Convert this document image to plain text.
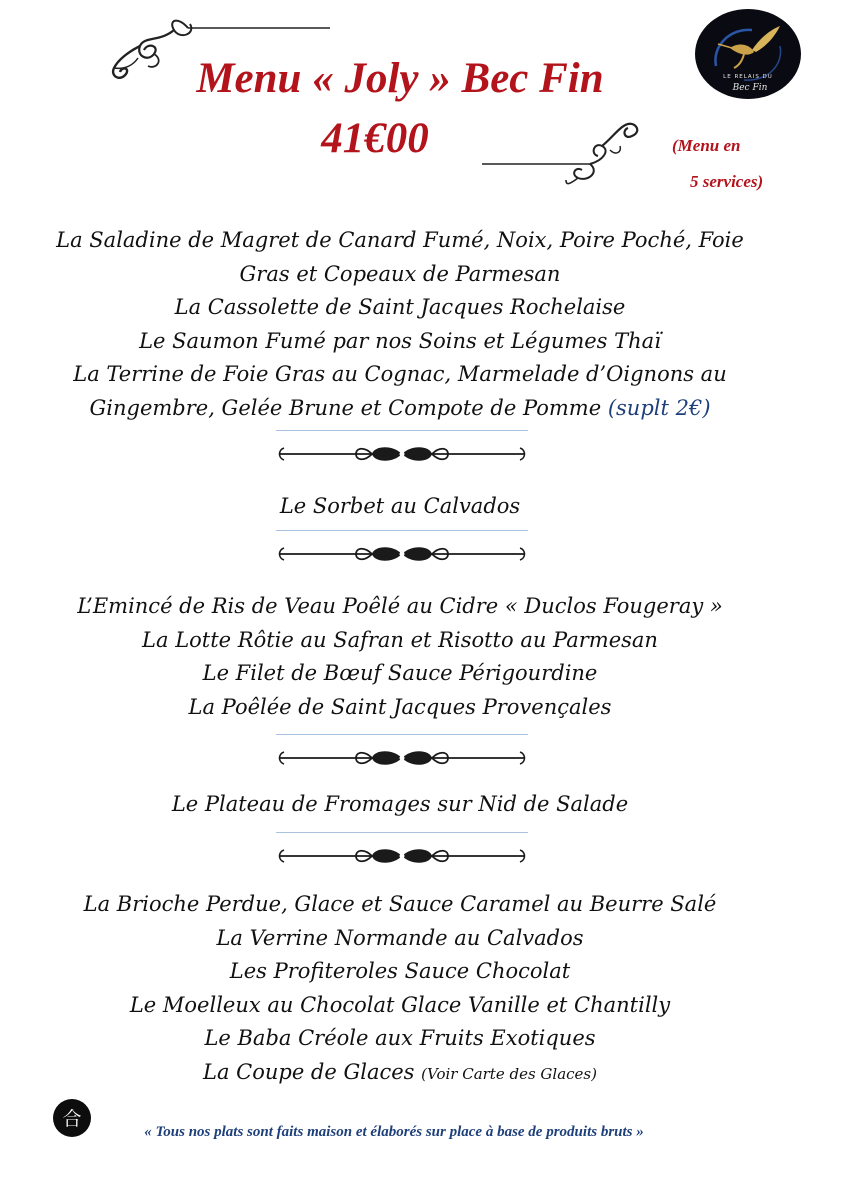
Menu « Joly » Bec Fin
41€00	(Menu en
5 services)
LE RELAIS DU
Bec Fin

La Saladine de Magret de Canard Fumé, Noix, Poire Poché, Foie

Gras et Copeaux de Parmesan

La Cassolette de Saint Jacques Rochelaise

Le Saumon Fumé par nos Soins et Légumes Thaï

La Terrine de Foie Gras au Cognac, Marmelade d’Oignons au

Gingembre, Gelée Brune et Compote de Pomme (suplt 2€)

Le Sorbet au Calvados

L’Emincé de Ris de Veau Poêlé au Cidre « Duclos Fougeray »

La Lotte Rôtie au Safran et Risotto au Parmesan

Le Filet de Bœuf Sauce Périgourdine

La Poêlée de Saint Jacques Provençales

Le Plateau de Fromages sur Nid de Salade

La Brioche Perdue, Glace et Sauce Caramel au Beurre Salé

La Verrine Normande au Calvados

Les Profiteroles Sauce Chocolat

Le Moelleux au Chocolat Glace Vanille et Chantilly

Le Baba Créole aux Fruits Exotiques

La Coupe de Glaces (Voir Carte des Glaces)

合
« Tous nos plats sont faits maison et élaborés sur place à base de produits bruts »
